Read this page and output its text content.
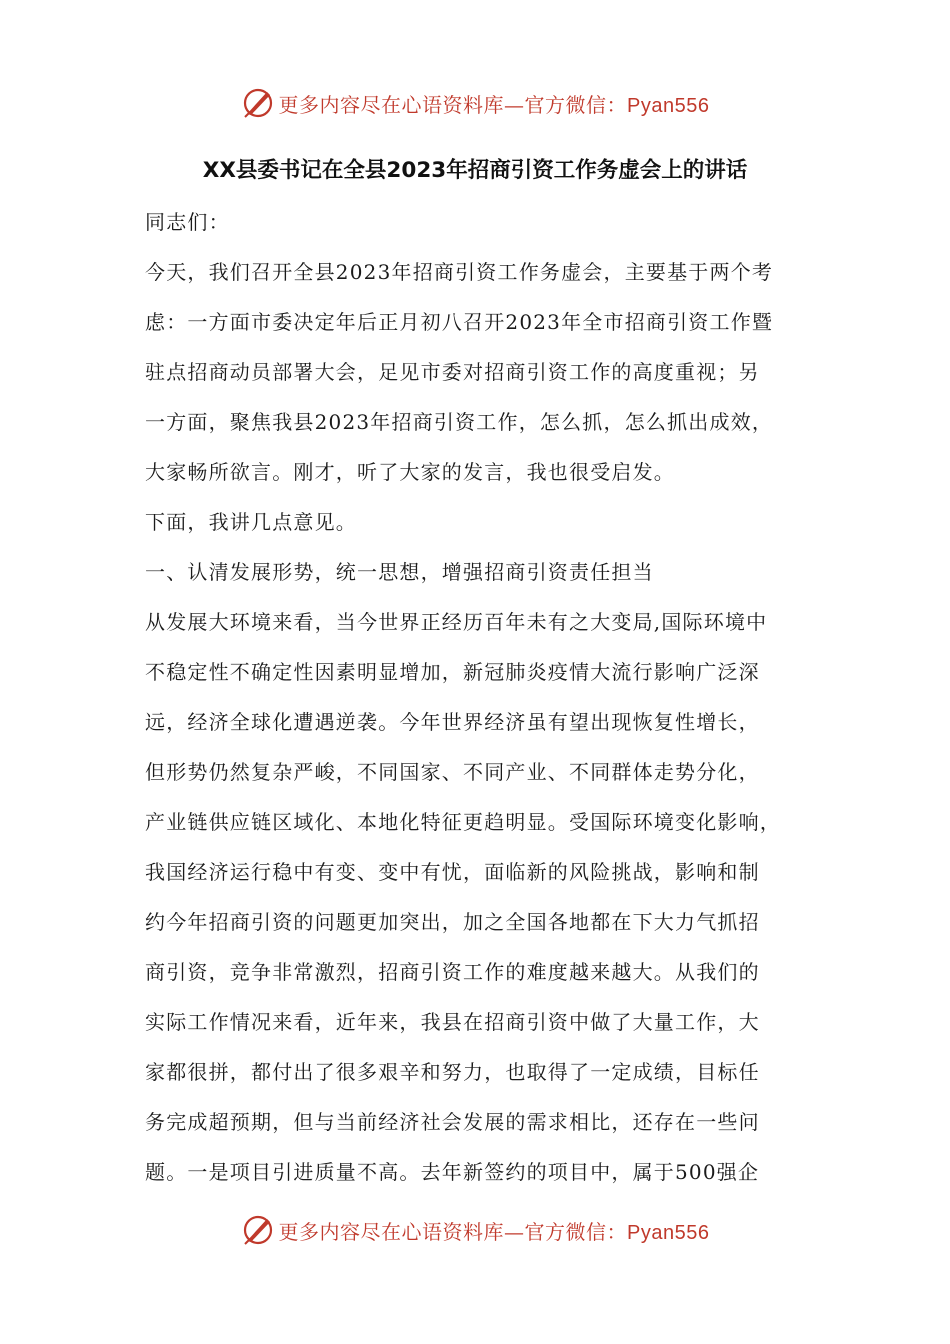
更多内容尽在心语资料库—官方微信：Pyan556
XX县委书记在全县2023年招商引资工作务虚会上的讲话
同志们：
今天，我们召开全县2023年招商引资工作务虚会，主要基于两个考
虑：一方面市委决定年后正月初八召开2023年全市招商引资工作暨
驻点招商动员部署大会，足见市委对招商引资工作的高度重视；另
一方面，聚焦我县2023年招商引资工作，怎么抓，怎么抓出成效，
大家畅所欲言。刚才，听了大家的发言，我也很受启发。
下面，我讲几点意见。
一、认清发展形势，统一思想，增强招商引资责任担当
从发展大环境来看，当今世界正经历百年未有之大变局,国际环境中
不稳定性不确定性因素明显增加，新冠肺炎疫情大流行影响广泛深
远，经济全球化遭遇逆袭。今年世界经济虽有望出现恢复性增长，
但形势仍然复杂严峻，不同国家、不同产业、不同群体走势分化，
产业链供应链区域化、本地化特征更趋明显。受国际环境变化影响，
我国经济运行稳中有变、变中有忧，面临新的风险挑战，影响和制
约今年招商引资的问题更加突出，加之全国各地都在下大力气抓招
商引资，竞争非常激烈，招商引资工作的难度越来越大。从我们的
实际工作情况来看，近年来，我县在招商引资中做了大量工作，大
家都很拼，都付出了很多艰辛和努力，也取得了一定成绩，目标任
务完成超预期，但与当前经济社会发展的需求相比，还存在一些问
题。一是项目引进质量不高。去年新签约的项目中，属于500强企
更多内容尽在心语资料库—官方微信：Pyan556
